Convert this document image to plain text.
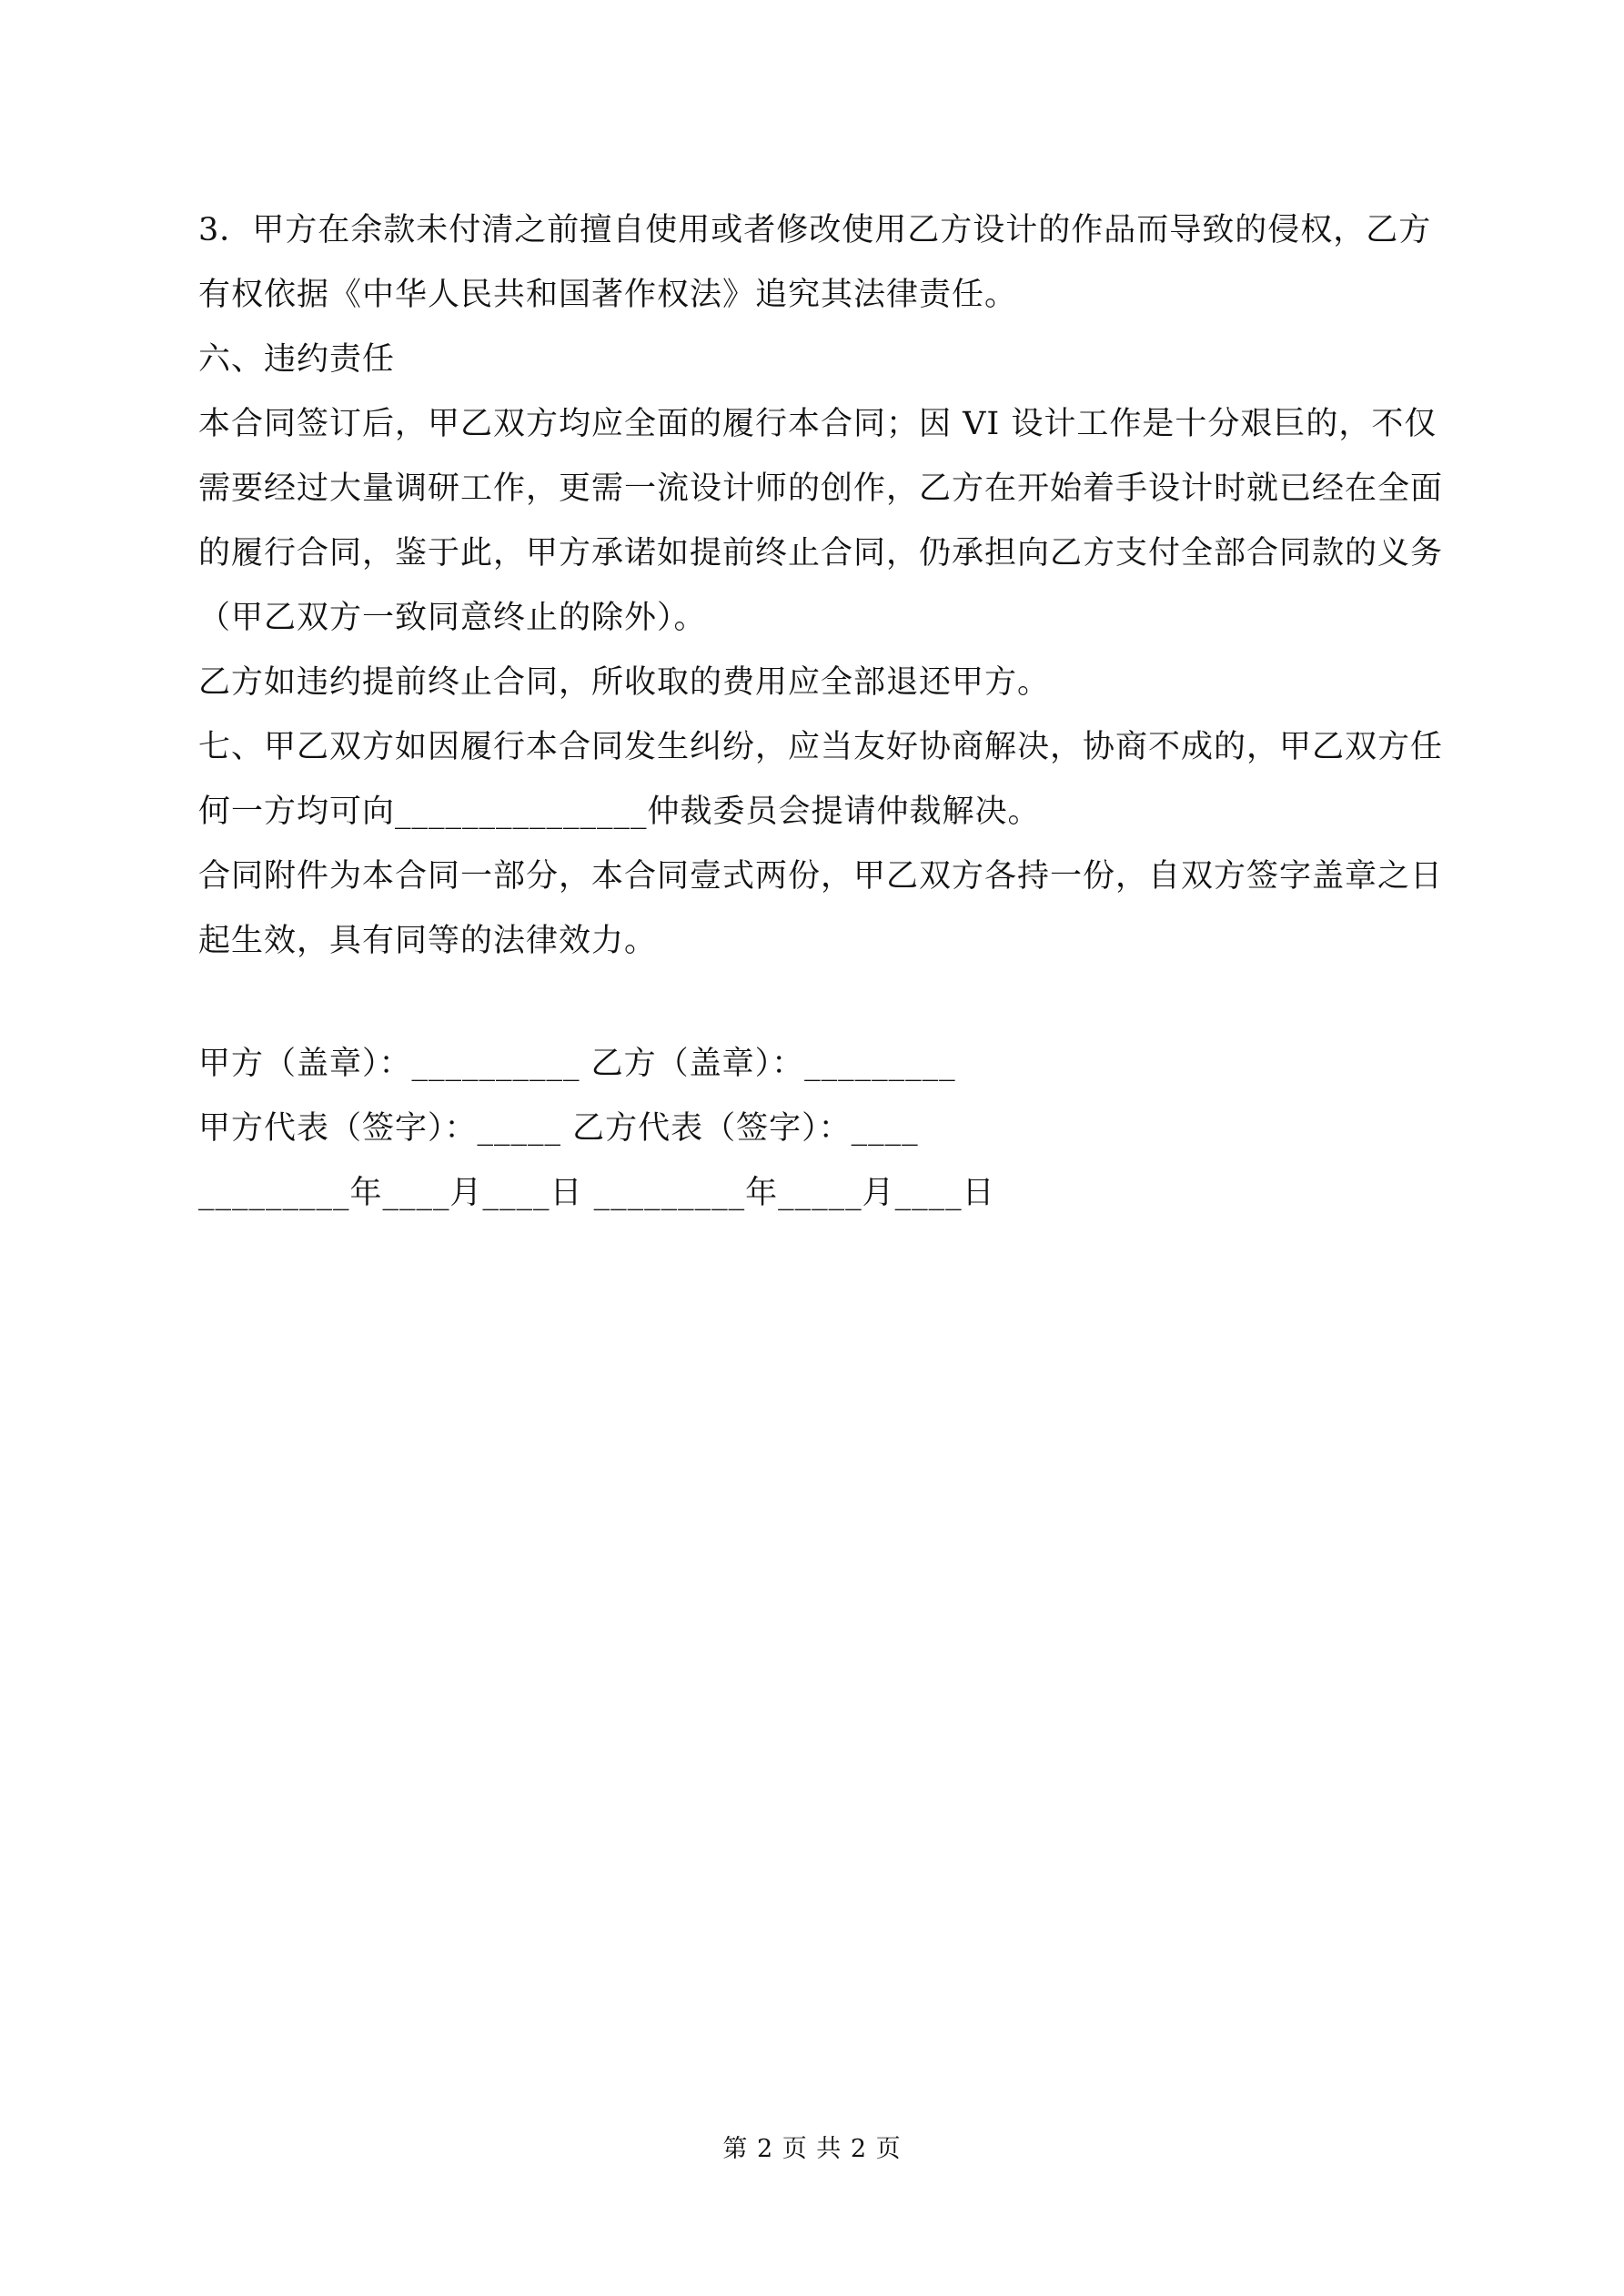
3．甲方在余款未付清之前擅自使用或者修改使用乙方设计的作品而导致的侵权，乙方
有权依据《中华人民共和国著作权法》追究其法律责任。
六、违约责任
本合同签订后，甲乙双方均应全面的履行本合同；因 VI 设计工作是十分艰巨的，不仅
需要经过大量调研工作，更需一流设计师的创作，乙方在开始着手设计时就已经在全面
的履行合同，鉴于此，甲方承诺如提前终止合同，仍承担向乙方支付全部合同款的义务
（甲乙双方一致同意终止的除外）。
乙方如违约提前终止合同，所收取的费用应全部退还甲方。
七、甲乙双方如因履行本合同发生纠纷，应当友好协商解决，协商不成的，甲乙双方任
何一方均可向_______________仲裁委员会提请仲裁解决。
合同附件为本合同一部分，本合同壹式两份，甲乙双方各持一份，自双方签字盖章之日
起生效，具有同等的法律效力。
甲方（盖章）：__________ 乙方（盖章）：_________
甲方代表（签字）：_____ 乙方代表（签字）：____
_________年____月____日 _________年_____月____日
第 2 页 共 2 页
